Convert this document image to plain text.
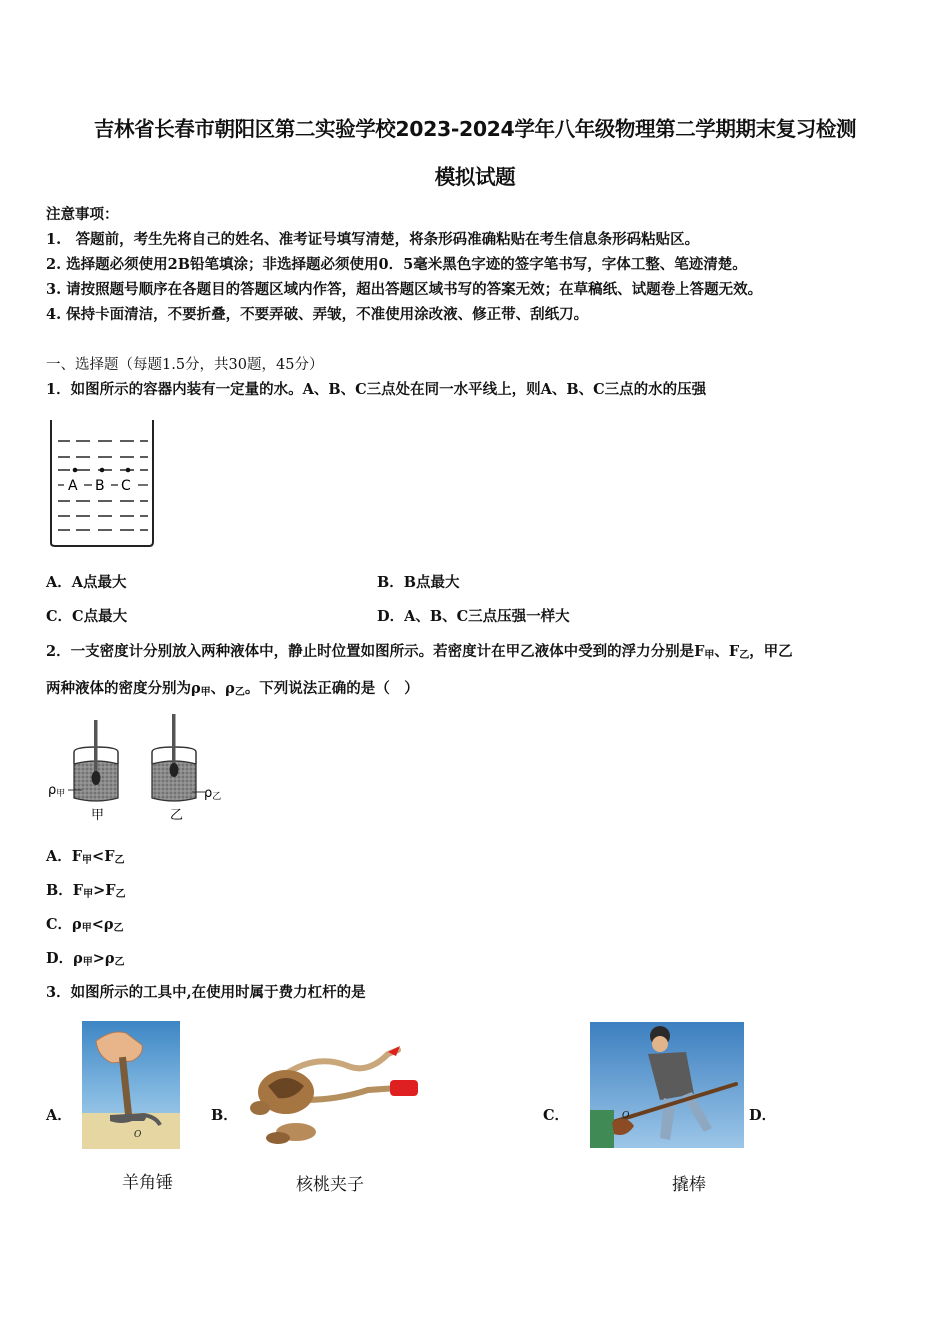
吉林省长春市朝阳区第二实验学校2023-2024学年八年级物理第二学期期末复习检测
模拟试题
注意事项：
1.　答题前，考生先将自己的姓名、准考证号填写清楚，将条形码准确粘贴在考生信息条形码粘贴区。
2. 选择题必须使用2B铅笔填涂；非选择题必须使用0．5毫米黑色字迹的签字笔书写，字体工整、笔迹清楚。
3. 请按照题号顺序在各题目的答题区域内作答，超出答题区域书写的答案无效；在草稿纸、试题卷上答题无效。
4. 保持卡面清洁，不要折叠，不要弄破、弄皱，不准使用涂改液、修正带、刮纸刀。
一、选择题（每题1.5分，共30题，45分）
1．如图所示的容器内装有一定量的水。A、B、C三点处在同一水平线上，则A、B、C三点的水的压强
A B C
A．A点最大	B．B点最大
C．C点最大	D．A、B、C三点压强一样大
2．一支密度计分别放入两种液体中，静止时位置如图所示。若密度计在甲乙液体中受到的浮力分别是$F_甲$、$F_乙$，甲乙
两种液体的密度分别为$\rho_甲$、$\rho_乙$。下列说法正确的是（　）
ρ甲	ρ乙
甲	乙
A．$F_甲<F_乙$
B．$F_甲>F_乙$
C．$\rho_甲<\rho_乙$
D．$\rho_甲>\rho_乙$
3．如图所示的工具中,在使用时属于费力杠杆的是
A．	B．	C．	D．
O
O
羊角锤	核桃夹子	撬棒
